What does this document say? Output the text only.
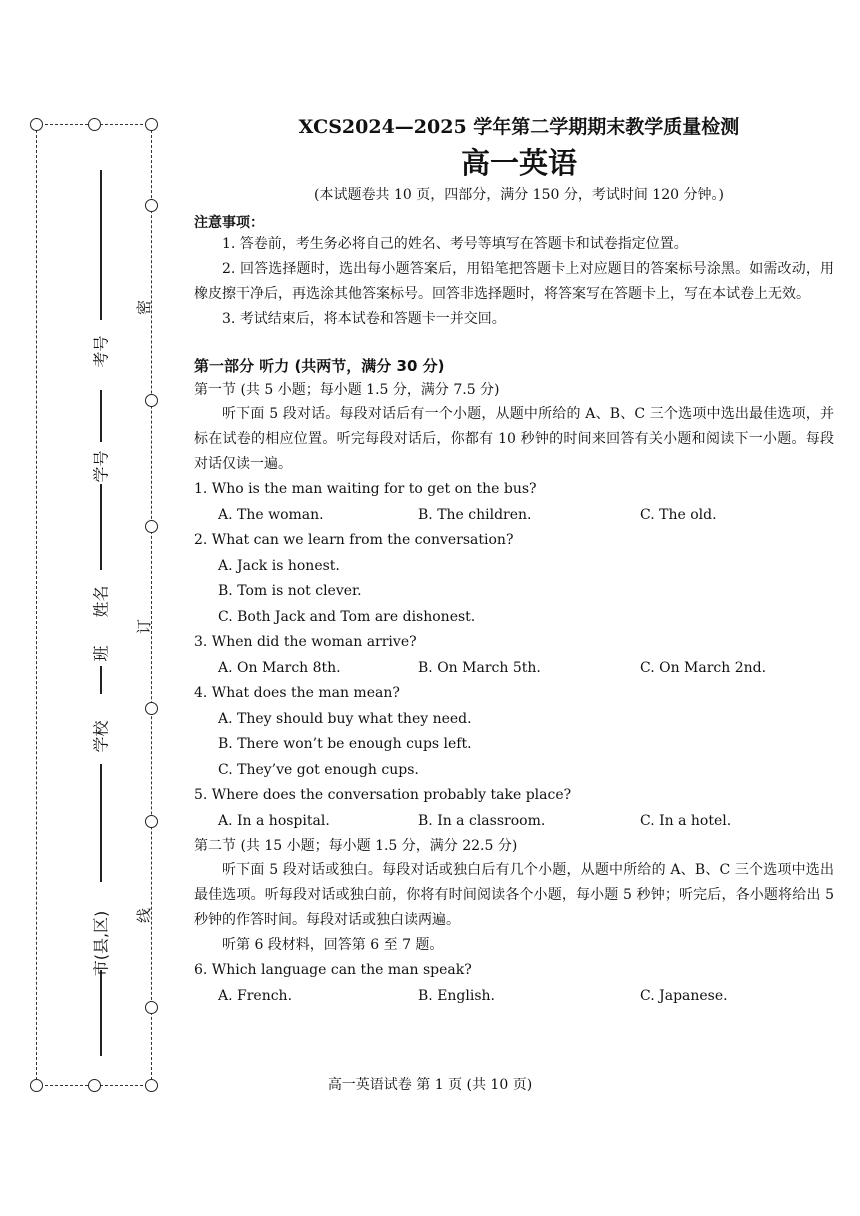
考号
学号
姓名
班
学校
市(县,区)
密
订
线
XCS2024—2025 学年第二学期期末教学质量检测
高一英语
(本试题卷共 10 页，四部分，满分 150 分，考试时间 120 分钟。)
注意事项：

1. 答卷前，考生务必将自己的姓名、考号等填写在答题卡和试卷指定位置。

2. 回答选择题时，选出每小题答案后，用铅笔把答题卡上对应题目的答案标号涂黑。如需改动，用橡皮擦干净后，再选涂其他答案标号。回答非选择题时，将答案写在答题卡上，写在本试卷上无效。

3. 考试结束后，将本试卷和答题卡一并交回。

第一部分 听力 (共两节，满分 30 分)
第一节 (共 5 小题；每小题 1.5 分，满分 7.5 分)

听下面 5 段对话。每段对话后有一个小题，从题中所给的 A、B、C 三个选项中选出最佳选项，并标在试卷的相应位置。听完每段对话后，你都有 10 秒钟的时间来回答有关小题和阅读下一小题。每段对话仅读一遍。

1. Who is the man waiting for to get on the bus?
A. The woman.	B. The children.	C. The old.
2. What can we learn from the conversation?
A. Jack is honest.
B. Tom is not clever.
C. Both Jack and Tom are dishonest.
3. When did the woman arrive?
A. On March 8th.	B. On March 5th.	C. On March 2nd.
4. What does the man mean?
A. They should buy what they need.
B. There won’t be enough cups left.
C. They’ve got enough cups.
5. Where does the conversation probably take place?
A. In a hospital.	B. In a classroom.	C. In a hotel.
第二节 (共 15 小题；每小题 1.5 分，满分 22.5 分)

听下面 5 段对话或独白。每段对话或独白后有几个小题，从题中所给的 A、B、C 三个选项中选出最佳选项。听每段对话或独白前，你将有时间阅读各个小题，每小题 5 秒钟；听完后，各小题将给出 5 秒钟的作答时间。每段对话或独白读两遍。

听第 6 段材料，回答第 6 至 7 题。

6. Which language can the man speak?
A. French.	B. English.	C. Japanese.
高一英语试卷 第 1 页 (共 10 页)
